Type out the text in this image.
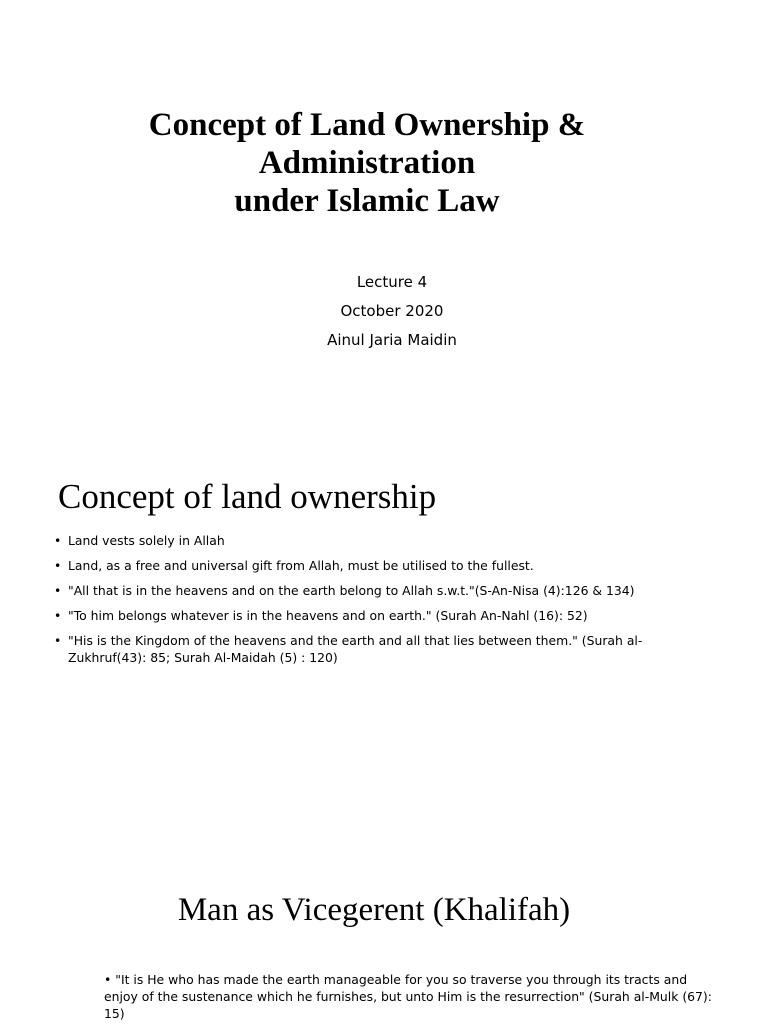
Concept of Land Ownership &
Administration
under Islamic Law
Lecture 4
October 2020
Ainul Jaria Maidin
Concept of land ownership
• Land vests solely in Allah
• Land, as a free and universal gift from Allah, must be utilised to the fullest.
• "All that is in the heavens and on the earth belong to Allah s.w.t."(S-An-Nisa (4):126 & 134)
• "To him belongs whatever is in the heavens and on earth." (Surah An-Nahl (16): 52)
• "His is the Kingdom of the heavens and the earth and all that lies between them." (Surah al-Zukhruf(43): 85; Surah Al-Maidah (5) : 120)
Man as Vicegerent (Khalifah)

• "It is He who has made the earth manageable for you so traverse you through its tracts and enjoy of the sustenance which he furnishes, but unto Him is the resurrection" (Surah al-Mulk (67): 15)
